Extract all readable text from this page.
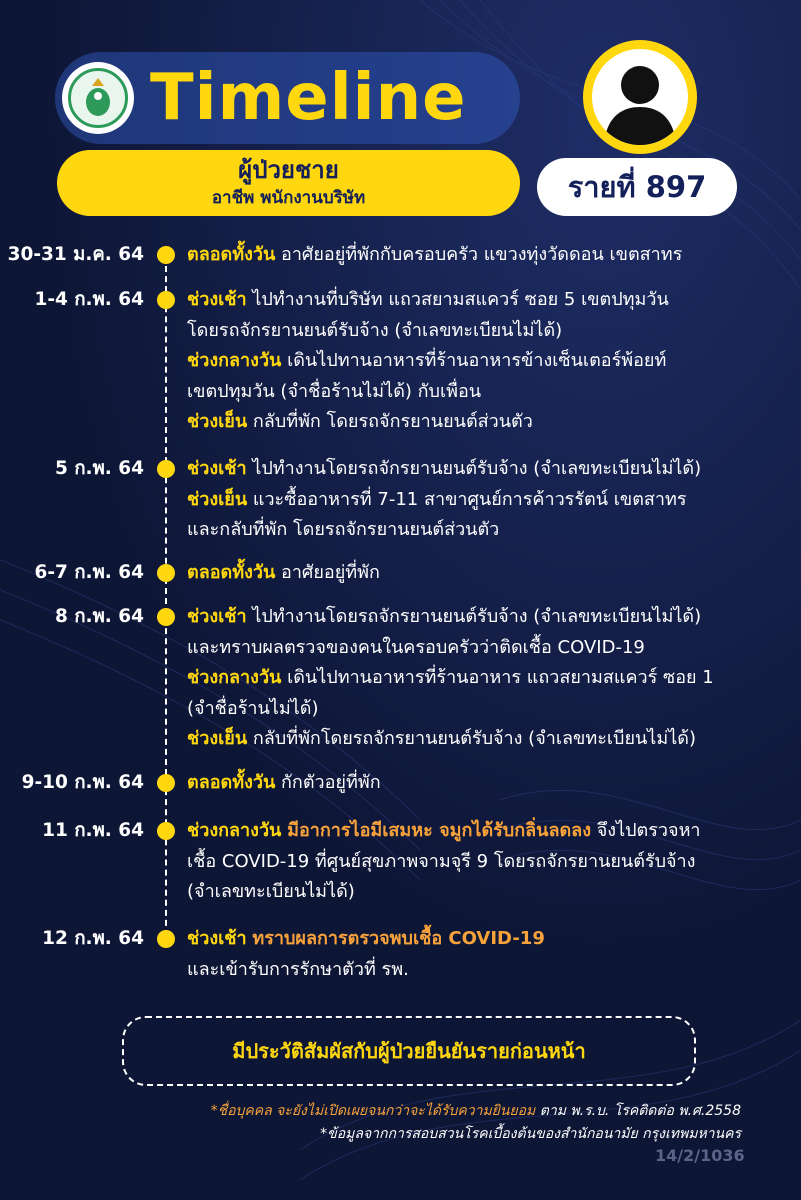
Timeline
ผู้ป่วยชาย
อาชีพ พนักงานบริษัท	รายที่ 897
30-31 ม.ค. 64 ตลอดทั้งวัน อาศัยอยู่ที่พักกับครอบครัว แขวงทุ่งวัดดอน เขตสาทร
1-4 ก.พ. 64 ช่วงเช้า ไปทำงานที่บริษัท แถวสยามสแควร์ ซอย 5 เขตปทุมวัน
โดยรถจักรยานยนต์รับจ้าง (จำเลขทะเบียนไม่ได้)
ช่วงกลางวัน เดินไปทานอาหารที่ร้านอาหารข้างเซ็นเตอร์พ้อยท์
เขตปทุมวัน (จำชื่อร้านไม่ได้) กับเพื่อน
ช่วงเย็น กลับที่พัก โดยรถจักรยานยนต์ส่วนตัว
5 ก.พ. 64 ช่วงเช้า ไปทำงานโดยรถจักรยานยนต์รับจ้าง (จำเลขทะเบียนไม่ได้)
ช่วงเย็น แวะซื้ออาหารที่ 7-11 สาขาศูนย์การค้าวรรัตน์ เขตสาทร
และกลับที่พัก โดยรถจักรยานยนต์ส่วนตัว
6-7 ก.พ. 64 ตลอดทั้งวัน อาศัยอยู่ที่พัก
8 ก.พ. 64 ช่วงเช้า ไปทำงานโดยรถจักรยานยนต์รับจ้าง (จำเลขทะเบียนไม่ได้)
และทราบผลตรวจของคนในครอบครัวว่าติดเชื้อ COVID-19
ช่วงกลางวัน เดินไปทานอาหารที่ร้านอาหาร แถวสยามสแควร์ ซอย 1
(จำชื่อร้านไม่ได้)
ช่วงเย็น กลับที่พักโดยรถจักรยานยนต์รับจ้าง (จำเลขทะเบียนไม่ได้)
9-10 ก.พ. 64 ตลอดทั้งวัน กักตัวอยู่ที่พัก
11 ก.พ. 64 ช่วงกลางวัน มีอาการไอมีเสมหะ จมูกได้รับกลิ่นลดลง จึงไปตรวจหา
เชื้อ COVID-19 ที่ศูนย์สุขภาพจามจุรี 9 โดยรถจักรยานยนต์รับจ้าง
(จำเลขทะเบียนไม่ได้)
12 ก.พ. 64 ช่วงเช้า ทราบผลการตรวจพบเชื้อ COVID-19
และเข้ารับการรักษาตัวที่ รพ.
มีประวัติสัมผัสกับผู้ป่วยยืนยันรายก่อนหน้า
*ชื่อบุคคล จะยังไม่เปิดเผยจนกว่าจะได้รับความยินยอม ตาม พ.ร.บ. โรคติดต่อ พ.ศ.2558
*ข้อมูลจากการสอบสวนโรคเบื้องต้นของสำนักอนามัย กรุงเทพมหานคร
14/2/1036
